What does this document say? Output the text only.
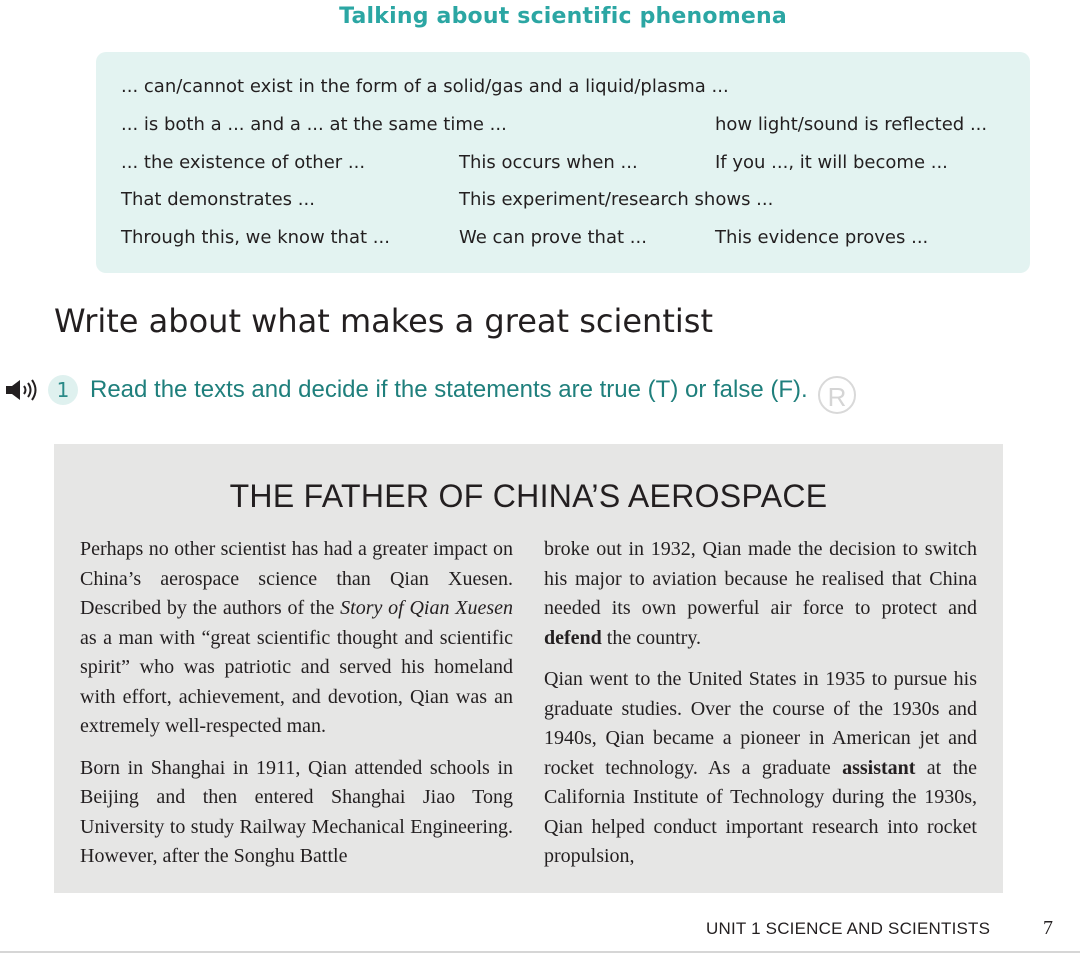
Talking about scientific phenomena
... can/cannot exist in the form of a solid/gas and a liquid/plasma ...
... is both a ... and a ... at the same time ...	how light/sound is reflected ...
... the existence of other ...	This occurs when ...	If you ..., it will become ...
That demonstrates ...	This experiment/research shows ...
Through this, we know that ...	We can prove that ...	This evidence proves ...
Write about what makes a great scientist
1 Read the texts and decide if the statements are true (T) or false (F). R
THE FATHER OF CHINA’S AEROSPACE

Perhaps no other scientist has had a greater impact on China’s aerospace science than Qian Xuesen. Described by the authors of the Story of Qian Xuesen as a man with “great scientific thought and scientific spirit” who was patriotic and served his homeland with effort, achievement, and devotion, Qian was an extremely well-respected man.

Born in Shanghai in 1911, Qian attended schools in Beijing and then entered Shanghai Jiao Tong University to study Railway Mechanical Engineering. However, after the Songhu Battle

broke out in 1932, Qian made the decision to switch his major to aviation because he realised that China needed its own powerful air force to protect and defend the country.

Qian went to the United States in 1935 to pursue his graduate studies. Over the course of the 1930s and 1940s, Qian became a pioneer in American jet and rocket technology. As a graduate assistant at the California Institute of Technology during the 1930s, Qian helped conduct important research into rocket propulsion,

UNIT 1 SCIENCE AND SCIENTISTS	7
